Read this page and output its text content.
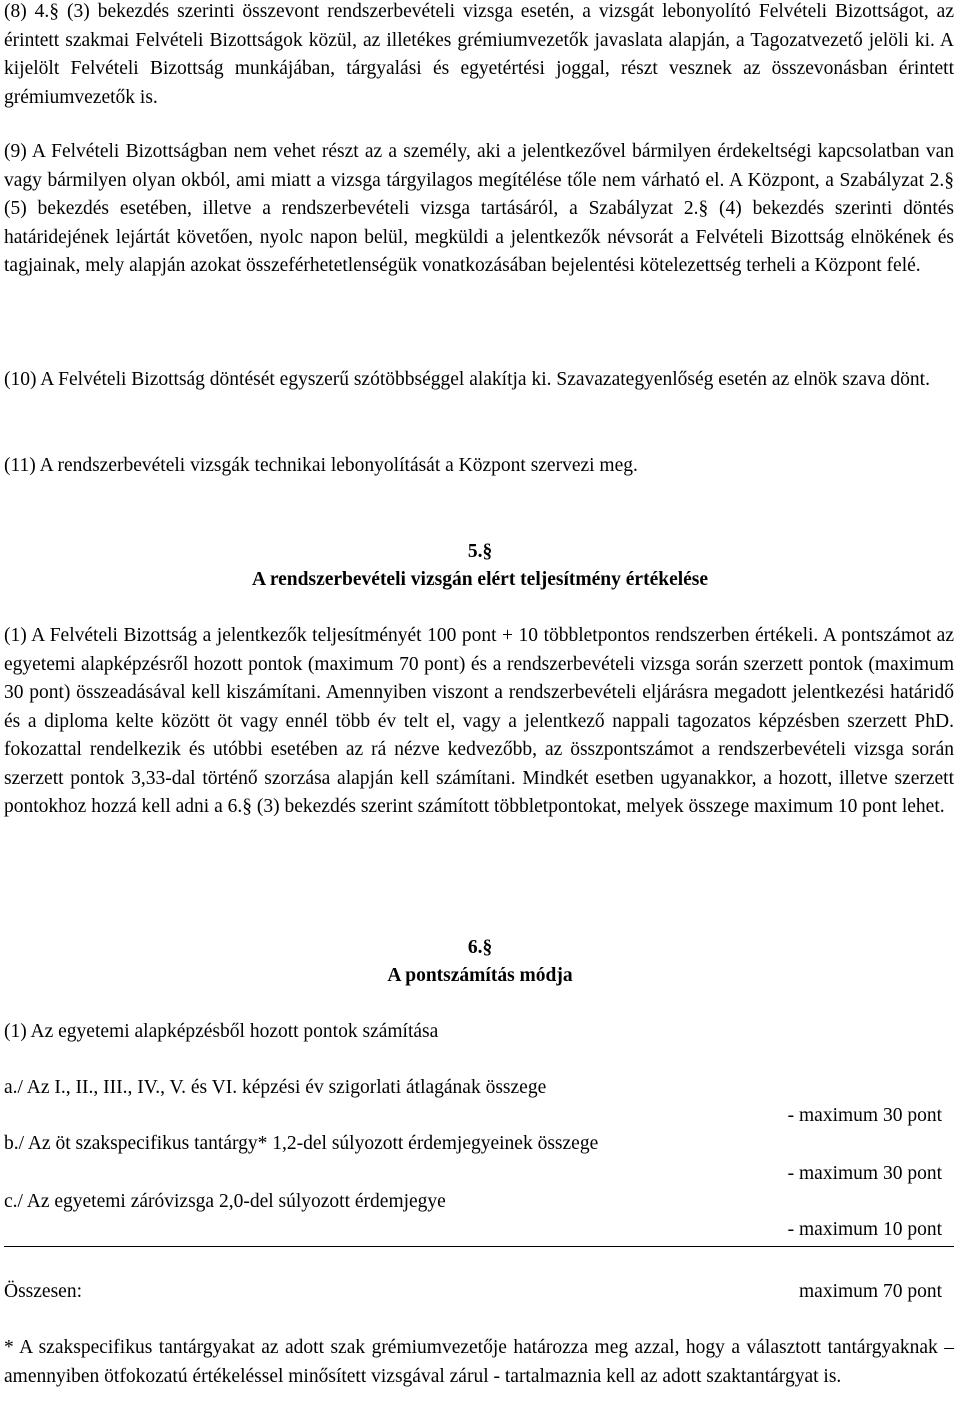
(8) 4.§ (3) bekezdés szerinti összevont rendszerbevételi vizsga esetén, a vizsgát lebonyolító Felvételi Bizottságot, az érintett szakmai Felvételi Bizottságok közül, az illetékes grémiumvezetők javaslata alapján, a Tagozatvezető jelöli ki. A kijelölt Felvételi Bizottság munkájában, tárgyalási és egyetértési joggal, részt vesznek az összevonásban érintett grémiumvezetők is.

(9) A Felvételi Bizottságban nem vehet részt az a személy, aki a jelentkezővel bármilyen érdekeltségi kapcsolatban van vagy bármilyen olyan okból, ami miatt a vizsga tárgyilagos megítélése tőle nem várható el. A Központ, a Szabályzat 2.§ (5) bekezdés esetében, illetve a rendszerbevételi vizsga tartásáról, a Szabályzat 2.§ (4) bekezdés szerinti döntés határidejének lejártát követően, nyolc napon belül, megküldi a jelentkezők névsorát a Felvételi Bizottság elnökének és tagjainak, mely alapján azokat összeférhetetlenségük vonatkozásában bejelentési kötelezettség terheli a Központ felé.

(10) A Felvételi Bizottság döntését egyszerű szótöbbséggel alakítja ki. Szavazategyenlőség esetén az elnök szava dönt.

(11) A rendszerbevételi vizsgák technikai lebonyolítását a Központ szervezi meg.

5.§
A rendszerbevételi vizsgán elért teljesítmény értékelése

(1) A Felvételi Bizottság a jelentkezők teljesítményét 100 pont + 10 többletpontos rendszerben értékeli. A pontszámot az egyetemi alapképzésről hozott pontok (maximum 70 pont) és a rendszerbevételi vizsga során szerzett pontok (maximum 30 pont) összeadásával kell kiszámítani. Amennyiben viszont a rendszerbevételi eljárásra megadott jelentkezési határidő és a diploma kelte között öt vagy ennél több év telt el, vagy a jelentkező nappali tagozatos képzésben szerzett PhD. fokozattal rendelkezik és utóbbi esetében az rá nézve kedvezőbb, az összpontszámot a rendszerbevételi vizsga során szerzett pontok 3,33-dal történő szorzása alapján kell számítani. Mindkét esetben ugyanakkor, a hozott, illetve szerzett pontokhoz hozzá kell adni a 6.§ (3) bekezdés szerint számított többletpontokat, melyek összege maximum 10 pont lehet.

6.§
A pontszámítás módja

(1) Az egyetemi alapképzésből hozott pontok számítása

a./ Az I., II., III., IV., V. és VI. képzési év szigorlati átlagának összege
- maximum 30 pont
b./ Az öt szakspecifikus tantárgy* 1,2-del súlyozott érdemjegyeinek összege
- maximum 30 pont
c./ Az egyetemi záróvizsga 2,0-del súlyozott érdemjegye
- maximum 10 pont
Összesen:	maximum 70 pont

* A szakspecifikus tantárgyakat az adott szak grémiumvezetője határozza meg azzal, hogy a választott tantárgyaknak – amennyiben ötfokozatú értékeléssel minősített vizsgával zárul - tartalmaznia kell az adott szaktantárgyat is.
